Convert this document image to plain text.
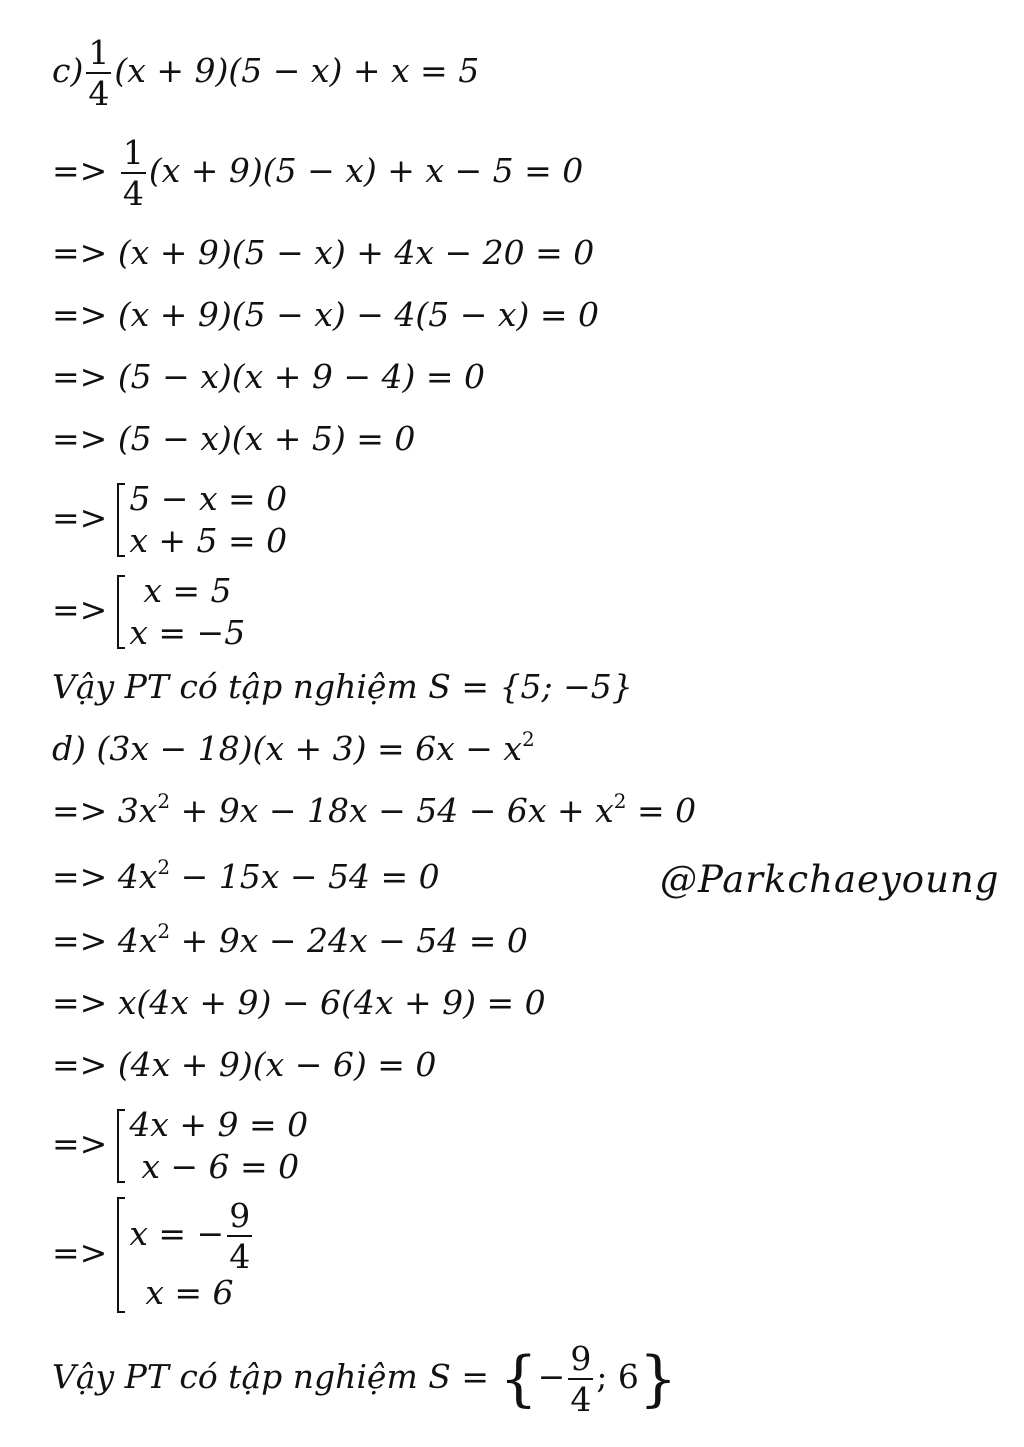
$c) \frac{1}{4} (x + 9)(5 - x) + x = 5$
=> $\frac{1}{4} (x + 9)(5 - x) + x - 5 = 0$
=> (x + 9)(5 − x) + 4x − 20 = 0
=> (x + 9)(5 − x) − 4(5 − x) = 0
=> (5 − x)(x + 9 − 4) = 0
=> (5 − x)(x + 5) = 0
=> 5 − x = 0
x + 5 = 0
=>	x = 5
x = −5
Vậy PT có tập nghiệm S = {5; −5}
d) $(3x - 18)(x + 3) = 6x - x^2$
=> $3x^2 + 9x - 18x - 54 - 6x + x^2 = 0$
=> $4x^2 - 15x - 54 = 0$	@Parkchaeyoung
=> $4x^2 + 9x - 24x - 54 = 0$
=> x(4x + 9) − 6(4x + 9) = 0
=> (4x + 9)(x − 6) = 0
=> 4x + 9 = 0
x − 6 = 0
=> x = − $\frac{9}{4}$
x = 6
Vậy PT có tập nghiệm S = {− $\frac{9}{4}$ ; 6}
